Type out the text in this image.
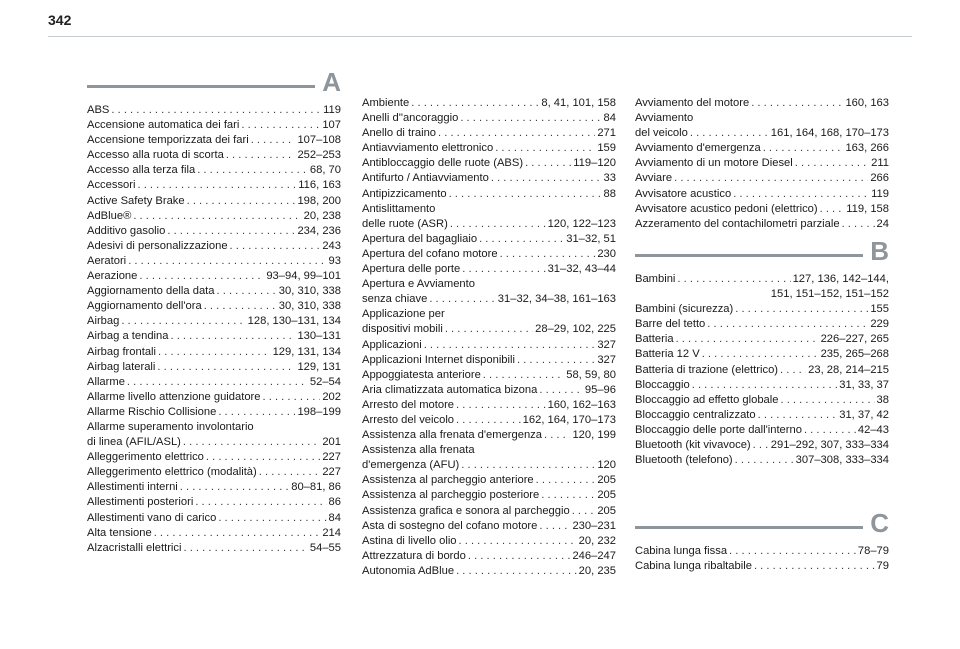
342
A
ABS . . .	119
Accensione automatica dei fari . . .	107
Accensione temporizzata dei fari . . .	107–108
Accesso alla ruota di scorta . . .	252–253
Accesso alla terza fila . . .	68, 70
Accessori . . .	116, 163
Active Safety Brake . . .	198, 200
AdBlue® . . .	20, 238
Additivo gasolio . . .	234, 236
Adesivi di personalizzazione . . .	243
Aeratori . . .	93
Aerazione . . .	93–94, 99–101
Aggiornamento della data . . .	30, 310, 338
Aggiornamento dell'ora . . .	30, 310, 338
Airbag . . .	128, 130–131, 134
Airbag a tendina . . .	130–131
Airbag frontali . . .	129, 131, 134
Airbag laterali . . .	129, 131
Allarme . . .	52–54
Allarme livello attenzione guidatore . . .	202
Allarme Rischio Collisione . . .	198–199
Allarme superamento involontario
di linea (AFIL/ASL) . . .	201
Alleggerimento elettrico . . .	227
Alleggerimento elettrico (modalità) . . .	227
Allestimenti interni . . .	80–81, 86
Allestimenti posteriori . . .	86
Allestimenti vano di carico . . .	84
Alta tensione . . .	214
Alzacristalli elettrici . . .	54–55
Ambiente . . .	8, 41, 101, 158
Anelli d''ancoraggio . . .	84
Anello di traino . . .	271
Antiavviamento elettronico . . .	159
Antibloccaggio delle ruote (ABS) . . .	119–120
Antifurto / Antiavviamento . . .	33
Antipizzicamento . . .	88
Antislittamento
delle ruote (ASR) . . .	120, 122–123
Apertura del bagagliaio . . .	31–32, 51
Apertura del cofano motore . . .	230
Apertura delle porte . . .	31–32, 43–44
Apertura e Avviamento
senza chiave . . .	31–32, 34–38, 161–163
Applicazione per
dispositivi mobili . . .	28–29, 102, 225
Applicazioni . . .	327
Applicazioni Internet disponibili . . .	327
Appoggiatesta anteriore . . .	58, 59, 80
Aria climatizzata automatica bizona . . .	95–96
Arresto del motore . . .	160, 162–163
Arresto del veicolo . . .	162, 164, 170–173
Assistenza alla frenata d'emergenza . . .	120, 199
Assistenza alla frenata
d'emergenza (AFU) . . .	120
Assistenza al parcheggio anteriore . . .	205
Assistenza al parcheggio posteriore . . .	205
Assistenza grafica e sonora al parcheggio . . . 205
Asta di sostegno del cofano motore . . .	230–231
Astina di livello olio . . .	20, 232
Attrezzatura di bordo . . .	246–247
Autonomia AdBlue . . .	20, 235
Avviamento del motore . . .	160, 163
Avviamento
del veicolo . . .	161, 164, 168, 170–173
Avviamento d'emergenza . . .	163, 266
Avviamento di un motore Diesel . . .	211
Avviare . . .	266
Avvisatore acustico . . .	119
Avvisatore acustico pedoni (elettrico) . . .	119, 158
Azzeramento del contachilometri parziale . . .	24
B
Bambini . . .	127, 136, 142–144,
151, 151–152, 151–152
Bambini (sicurezza) . . .	155
Barre del tetto . . .	229
Batteria . . .	226–227, 265
Batteria 12 V . . .	235, 265–268
Batteria di trazione (elettrico) . . .	23, 28, 214–215
Bloccaggio . . .	31, 33, 37
Bloccaggio ad effetto globale . . .	38
Bloccaggio centralizzato . . .	31, 37, 42
Bloccaggio delle porte dall'interno . . .	42–43
Bluetooth (kit vivavoce) . . . 291–292, 307, 333–334
Bluetooth (telefono) . . .	307–308, 333–334
C
Cabina lunga fissa . . .	78–79
Cabina lunga ribaltabile . . .	79
